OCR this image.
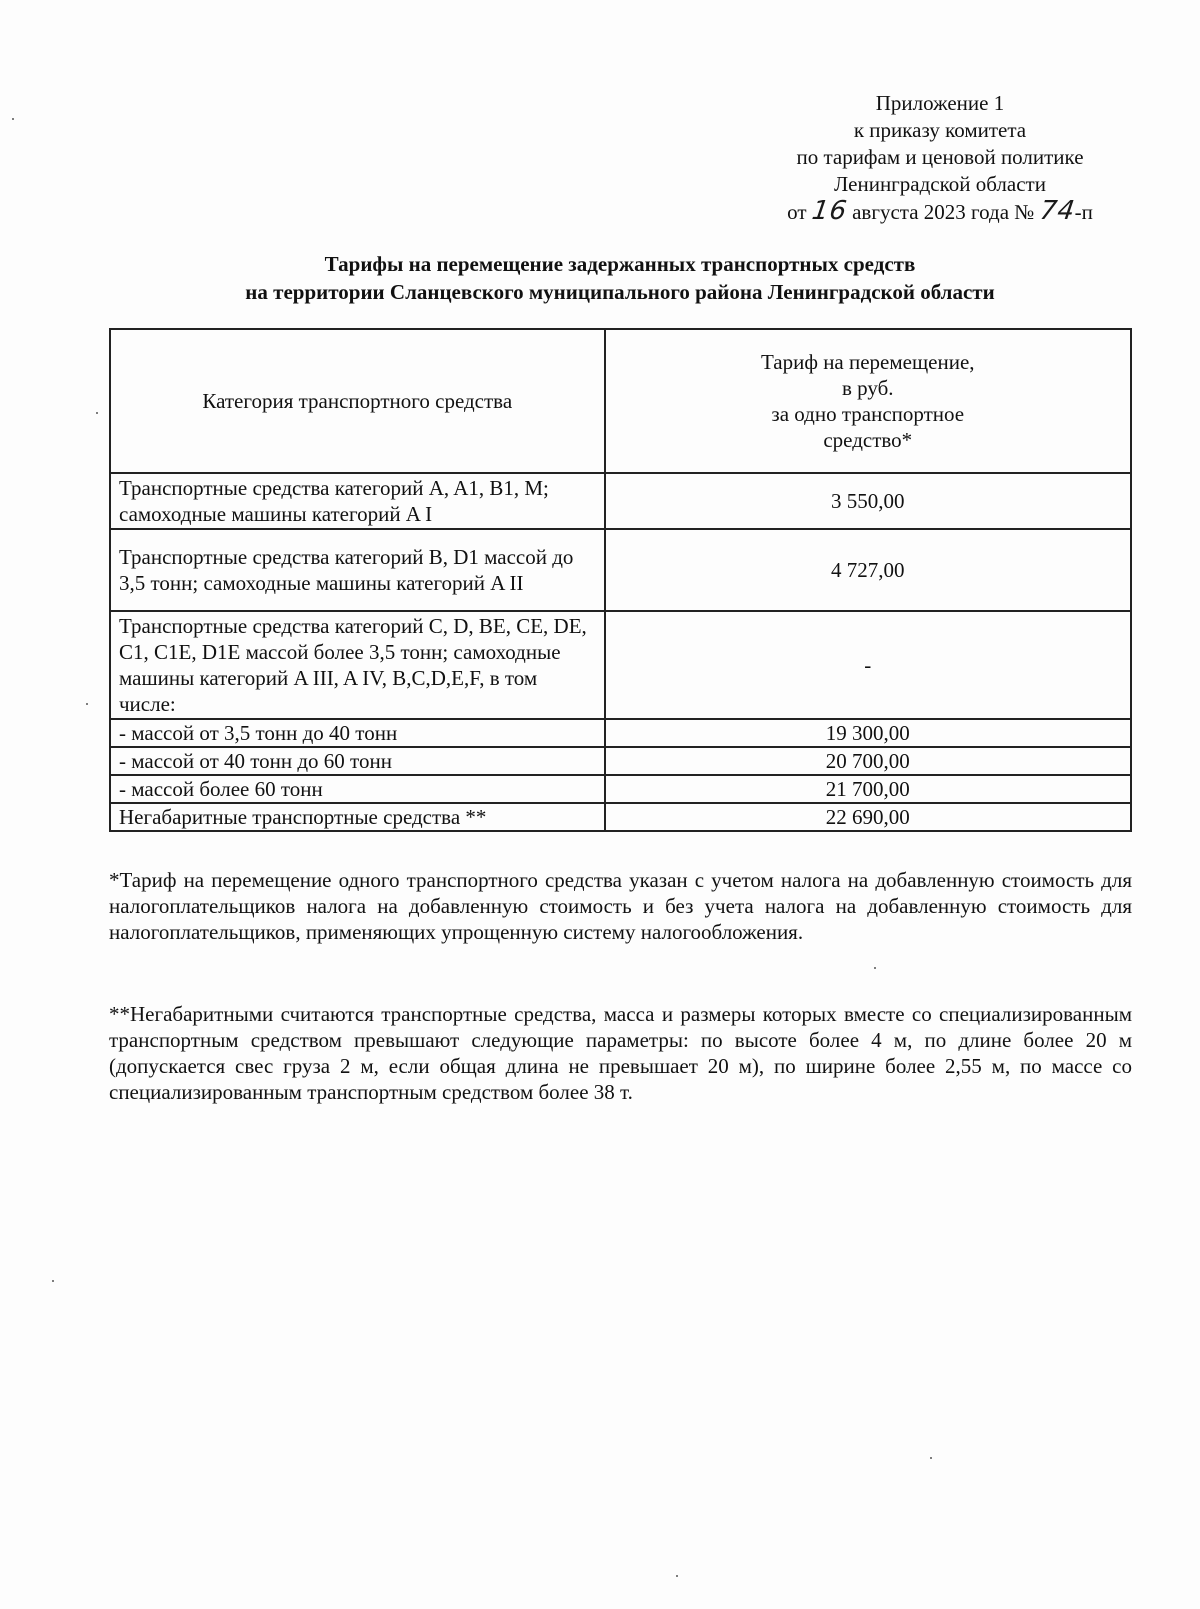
Приложение 1
к приказу комитета
по тарифам и ценовой политике
Ленинградской области
от 16 августа 2023 года № 74-п
Тарифы на перемещение задержанных транспортных средств
на территории Сланцевского муниципального района Ленинградской области
Категория транспортного средства	Тариф на перемещение,
в руб.
за одно транспортное
средство*

Транспортные средства категорий A, A1, B1, M; самоходные машины категорий A I	3 550,00
Транспортные средства категорий B, D1 массой до 3,5 тонн; самоходные машины категорий A II	4 727,00
Транспортные средства категорий C, D, BE, CE, DE, C1, C1E, D1E массой более 3,5 тонн; самоходные машины категорий A III, A IV, B,C,D,E,F, в том числе:	-
- массой от 3,5 тонн до 40 тонн	19 300,00
- массой от 40 тонн до 60 тонн	20 700,00
- массой более 60 тонн	21 700,00
Негабаритные транспортные средства **	22 690,00

*Тариф на перемещение одного транспортного средства указан с учетом налога на добавленную стоимость для налогоплательщиков налога на добавленную стоимость и без учета налога на добавленную стоимость для налогоплательщиков, применяющих упрощенную систему налогообложения.

**Негабаритными считаются транспортные средства, масса и размеры которых вместе со специализированным транспортным средством превышают следующие параметры: по высоте более 4 м, по длине более 20 м (допускается свес груза 2 м, если общая длина не превышает 20 м), по ширине более 2,55 м, по массе со специализированным транспортным средством более 38 т.
